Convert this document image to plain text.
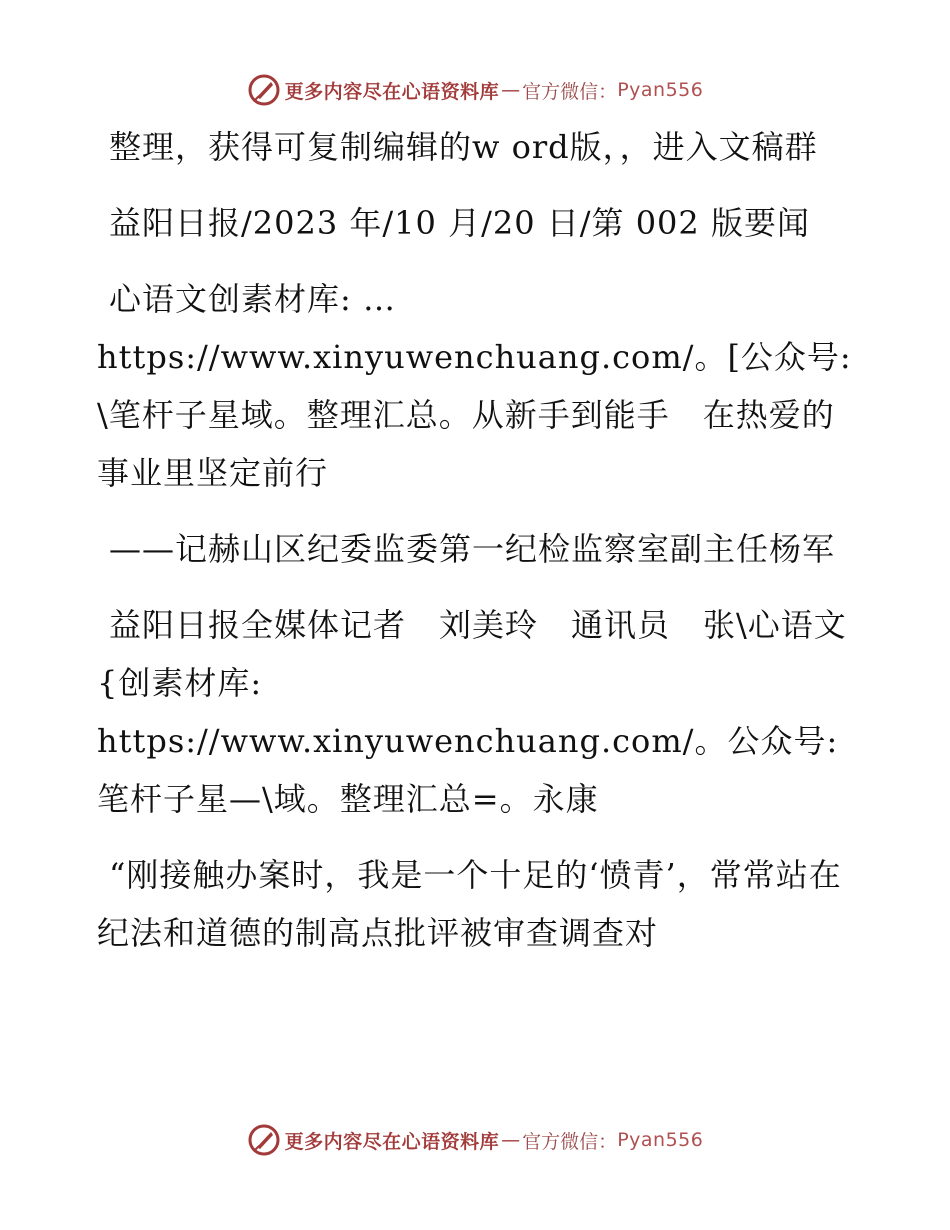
更多内容尽在心语资料库 — 官方微信： Pyan556

整理，获得可复制编辑的w ord版，，进入文稿群

益阳日报/2023 年/10 月/20 日/第 002 版要闻

心语文创素材库: …https://www.xinyuwenchuang.com/。[公众号: \笔杆子星域。整理汇总。从新手到能手　在热爱的事业里坚定前行

——记赫山区纪委监委第一纪检监察室副主任杨军

益阳日报全媒体记者　刘美玲　通讯员　张\心语文{创素材库: https://www.xinyuwenchuang.com/。公众号: 笔杆子星—\域。整理汇总=。永康

“刚接触办案时，我是一个十足的‘愤青’，常常站在纪法和道德的制高点批评被审查调查对

更多内容尽在心语资料库 — 官方微信： Pyan556
